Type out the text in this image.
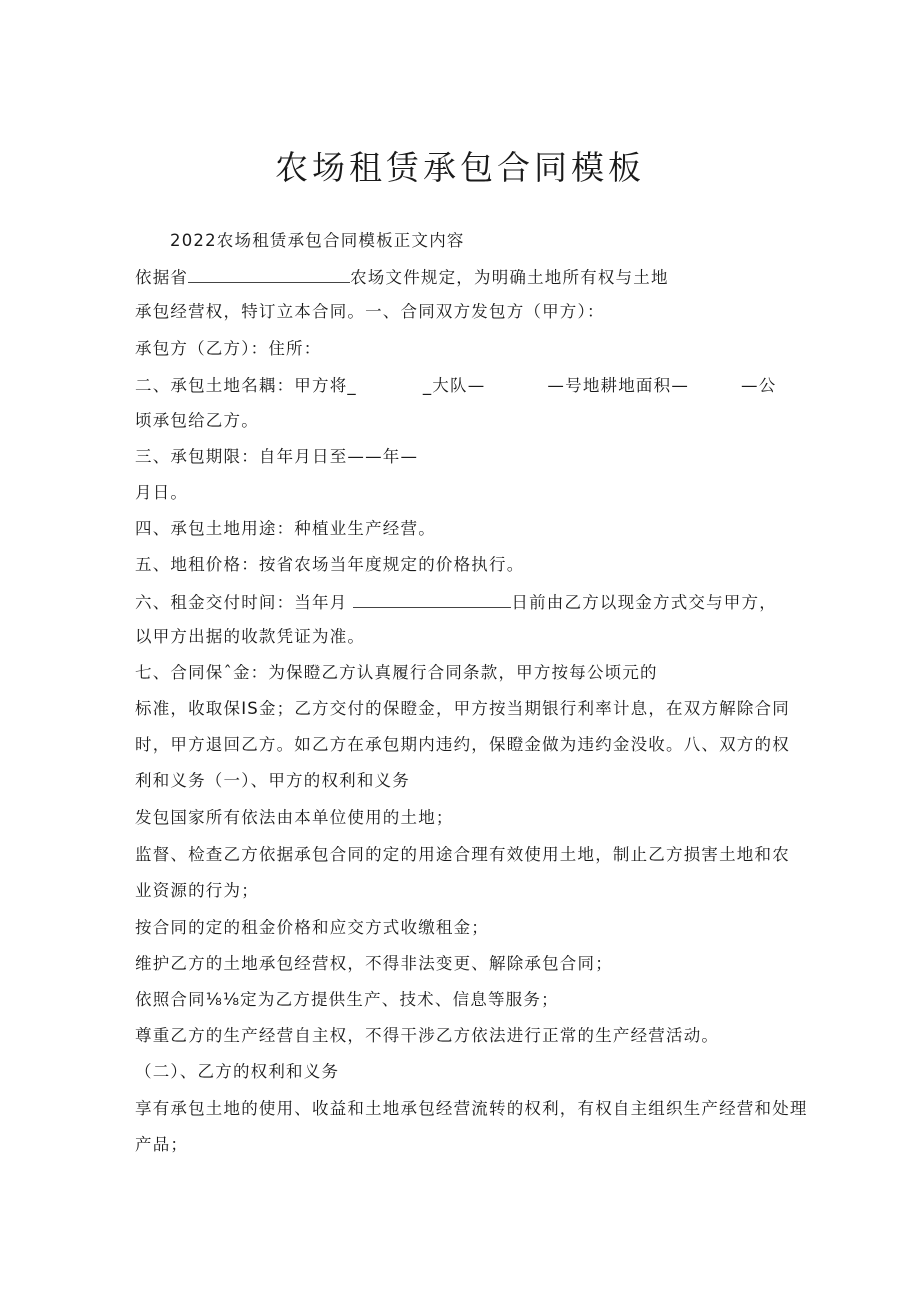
农场租赁承包合同模板

2022农场租赁承包合同模板正文内容

依据省	农场文件规定，为明确土地所有权与土地

承包经营权，特订立本合同。一、合同双方发包方（甲方）：

承包方（乙方）：住所：

二、承包土地名耦：甲方将_	_大队—	—号地耕地面积—	—公

顷承包给乙方。

三、承包期限：自年月日至——年—

月日。

四、承包土地用途：种植业生产经营。

五、地租价格：按省农场当年度规定的价格执行。

六、租金交付时间：当年月	日前由乙方以现金方式交与甲方，

以甲方出据的收款凭证为准。

七、合同保ˆ金：为保瞪乙方认真履行合同条款，甲方按每公顷元的

标准，收取保IS金；乙方交付的保瞪金，甲方按当期银行利率计息，在双方解除合同

时，甲方退回乙方。如乙方在承包期内违约，保瞪金做为违约金没收。八、双方的权

利和义务（一）、甲方的权利和义务

发包国家所有依法由本单位使用的土地；

监督、检查乙方依据承包合同的定的用途合理有效使用土地，制止乙方损害土地和农

业资源的行为；

按合同的定的租金价格和应交方式收缴租金；

维护乙方的土地承包经营权，不得非法变更、解除承包合同；

依照合同⅛⅛定为乙方提供生产、技术、信息等服务；

尊重乙方的生产经营自主权，不得干涉乙方依法进行正常的生产经营活动。

（二）、乙方的权利和义务

享有承包土地的使用、收益和土地承包经营流转的权利，有权自主组织生产经营和处理

产品；
